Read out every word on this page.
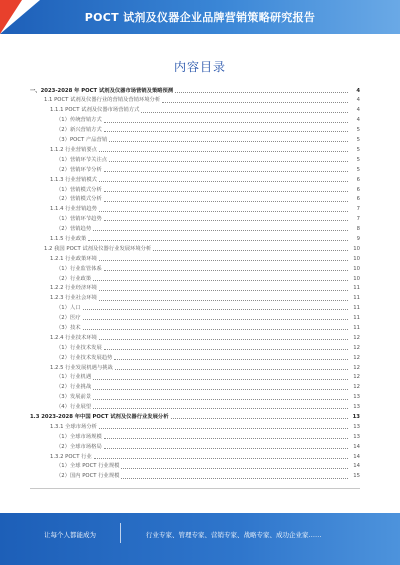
POCT 试剂及仪器企业品牌营销策略研究报告
内容目录
一、2023-2028 年 POCT 试剂及仪器市场营销及策略预测	4
1.1 POCT 试剂及仪器行业的营销及营销环境分析	4
1.1.1 POCT 试剂及仪器市场营销方式	4
（1）传统营销方式	4
（2）新兴营销方式	5
（3）POCT 产品营销	5
1.1.2 行业营销要点	5
（1）营销环节关注点	5
（2）营销环节分析	5
1.1.3 行业营销模式	6
（1）营销模式分析	6
（2）营销模式分析	6
1.1.4 行业营销趋势	7
（1）营销环节趋势	7
（2）营销趋势	8
1.1.5 行业政策	9
1.2 我国 POCT 试剂及仪器行业发展环境分析	10
1.2.1 行业政策环境	10
（1）行业监管体系	10
（2）行业政策	10
1.2.2 行业经济环境	11
1.2.3 行业社会环境	11
（1）人口	11
（2）医疗	11
（3）技术	11
1.2.4 行业技术环境	12
（1）行业技术发展	12
（2）行业技术发展趋势	12
1.2.5 行业发展机遇与挑战	12
（1）行业机遇	12
（2）行业挑战	12
（3）发展前景	13
（4）行业展望	13
1.3 2023-2028 年中国 POCT 试剂及仪器行业发展分析	13
1.3.1 全球市场分析	13
（1）全球市场规模	13
（2）全球市场格局	14
1.3.2 POCT 行业	14
（1）全球 POCT 行业规模	14
（2）国内 POCT 行业规模	15
让每个人都能成为	行业专家、管理专家、营销专家、战略专家、成功企业家……
